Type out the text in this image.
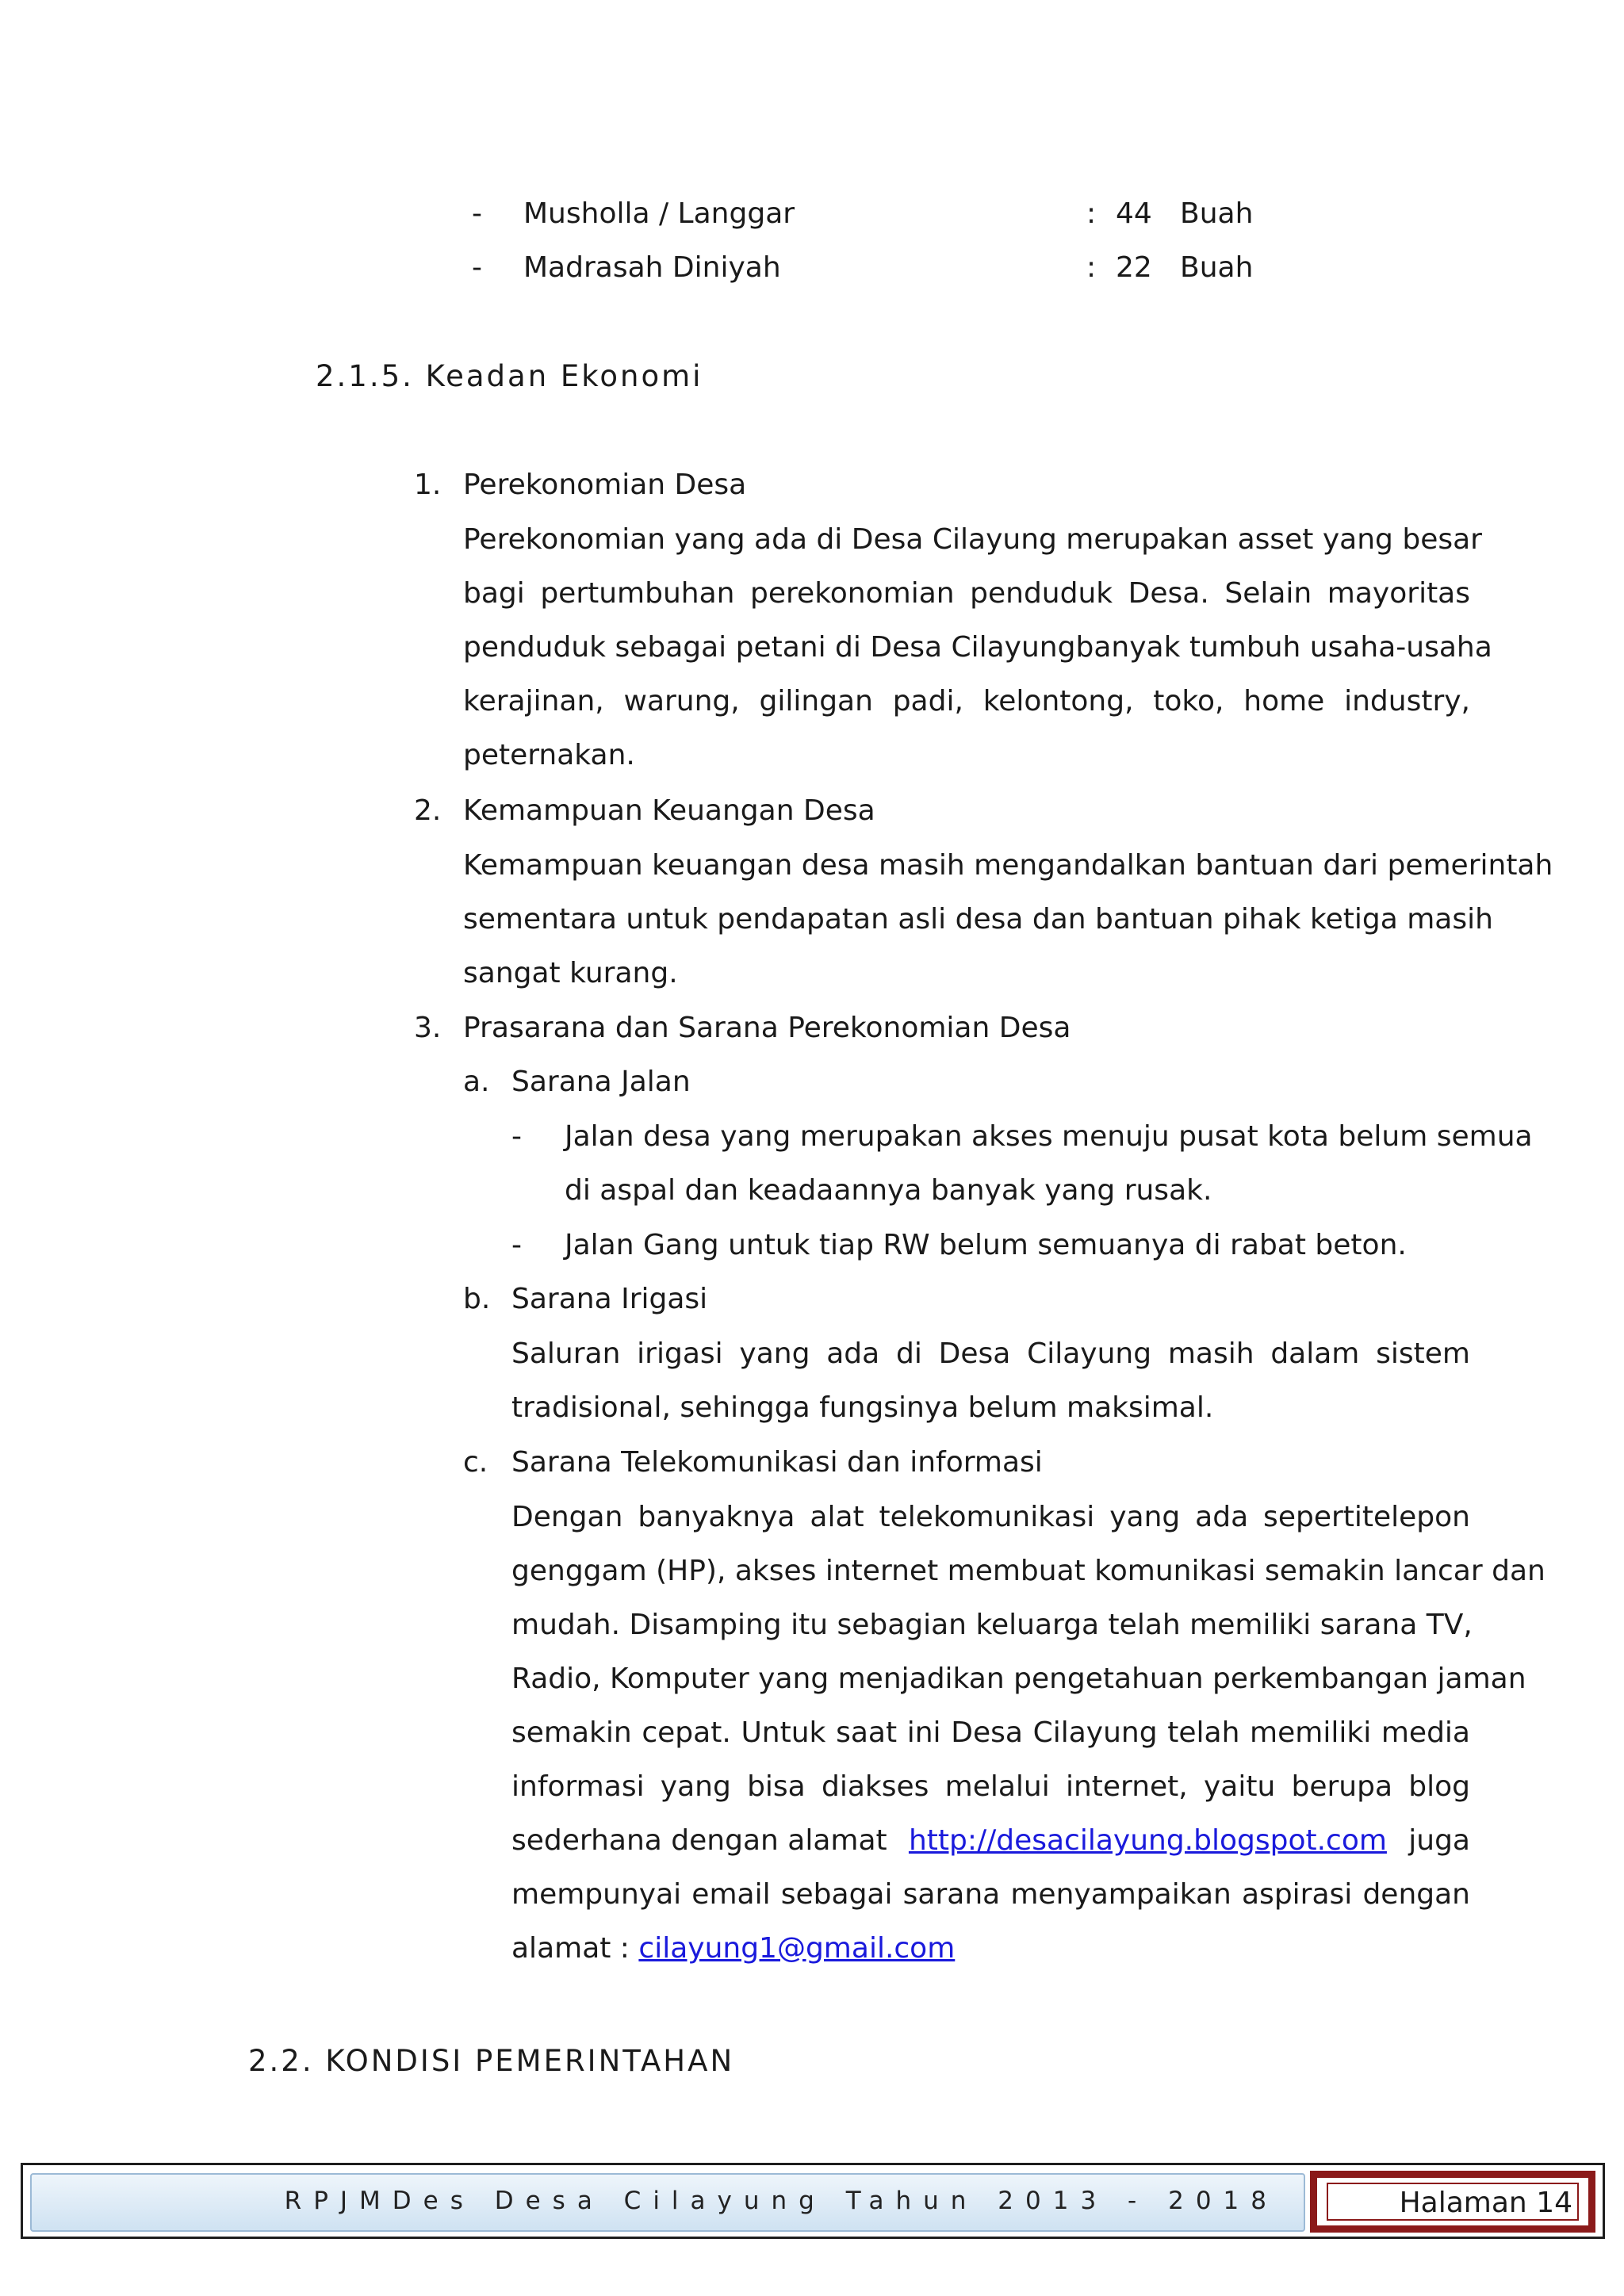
- Musholla / Langgar	: 44 Buah
- Madrasah Diniyah	: 22 Buah
2.1.5. Keadan Ekonomi
1. Perekonomian Desa
Perekonomian yang ada di Desa Cilayung merupakan asset yang besar
bagi pertumbuhan perekonomian penduduk Desa. Selain mayoritas
penduduk sebagai petani di Desa Cilayungbanyak tumbuh usaha-usaha
kerajinan, warung, gilingan padi, kelontong, toko, home industry,
peternakan.
2. Kemampuan Keuangan Desa
Kemampuan keuangan desa masih mengandalkan bantuan dari pemerintah
sementara untuk pendapatan asli desa dan bantuan pihak ketiga masih
sangat kurang.
3. Prasarana dan Sarana Perekonomian Desa
a. Sarana Jalan
- Jalan desa yang merupakan akses menuju pusat kota belum semua
di aspal dan keadaannya banyak yang rusak.
- Jalan Gang untuk tiap RW belum semuanya di rabat beton.
b. Sarana Irigasi
Saluran irigasi yang ada di Desa Cilayung masih dalam sistem
tradisional, sehingga fungsinya belum maksimal.
c. Sarana Telekomunikasi dan informasi
Dengan banyaknya alat telekomunikasi yang ada sepertitelepon
genggam (HP), akses internet membuat komunikasi semakin lancar dan
mudah. Disamping itu sebagian keluarga telah memiliki sarana TV,
Radio, Komputer yang menjadikan pengetahuan perkembangan jaman
semakin cepat. Untuk saat ini Desa Cilayung telah memiliki media
informasi yang bisa diakses melalui internet, yaitu berupa blog
sederhana dengan alamat http://desacilayung.blogspot.com juga
mempunyai email sebagai sarana menyampaikan aspirasi dengan
alamat : cilayung1@gmail.com
2.2. KONDISI PEMERINTAHAN
RPJMDes Desa Cilayung Tahun 2013 - 2018	Halaman 14
